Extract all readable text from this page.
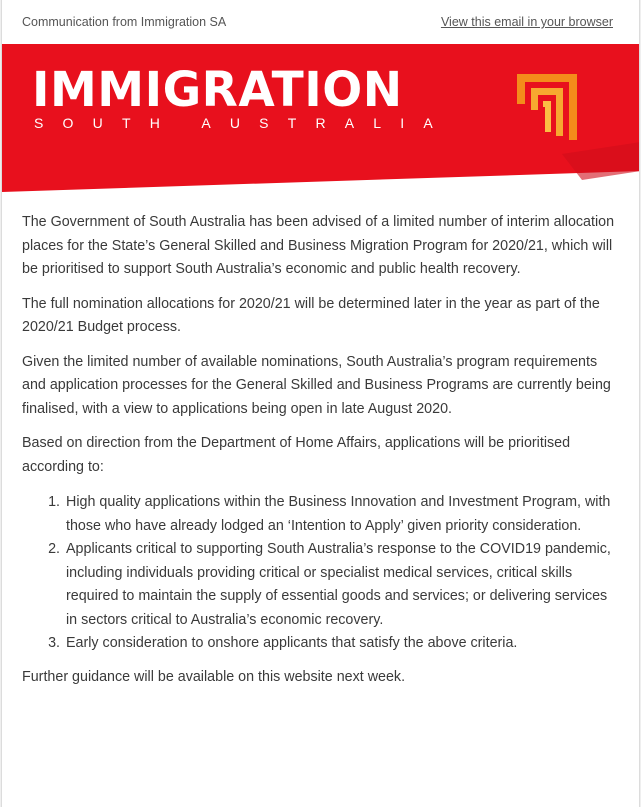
Communication from Immigration SA	View this email in your browser
IMMIGRATION
SOUTH AUSTRALIA

The Government of South Australia has been advised of a limited number of interim allocation places for the State’s General Skilled and Business Migration Program for 2020/21, which will be prioritised to support South Australia’s economic and public health recovery.

The full nomination allocations for 2020/21 will be determined later in the year as part of the 2020/21 Budget process.

Given the limited number of available nominations, South Australia’s program requirements and application processes for the General Skilled and Business Programs are currently being finalised, with a view to applications being open in late August 2020.

Based on direction from the Department of Home Affairs, applications will be prioritised according to:

1. High quality applications within the Business Innovation and Investment Program, with those who have already lodged an ‘Intention to Apply’ given priority consideration.
2. Applicants critical to supporting South Australia’s response to the COVID19 pandemic, including individuals providing critical or specialist medical services, critical skills required to maintain the supply of essential goods and services; or delivering services in sectors critical to Australia’s economic recovery.
3. Early consideration to onshore applicants that satisfy the above criteria.

Further guidance will be available on this website next week.
